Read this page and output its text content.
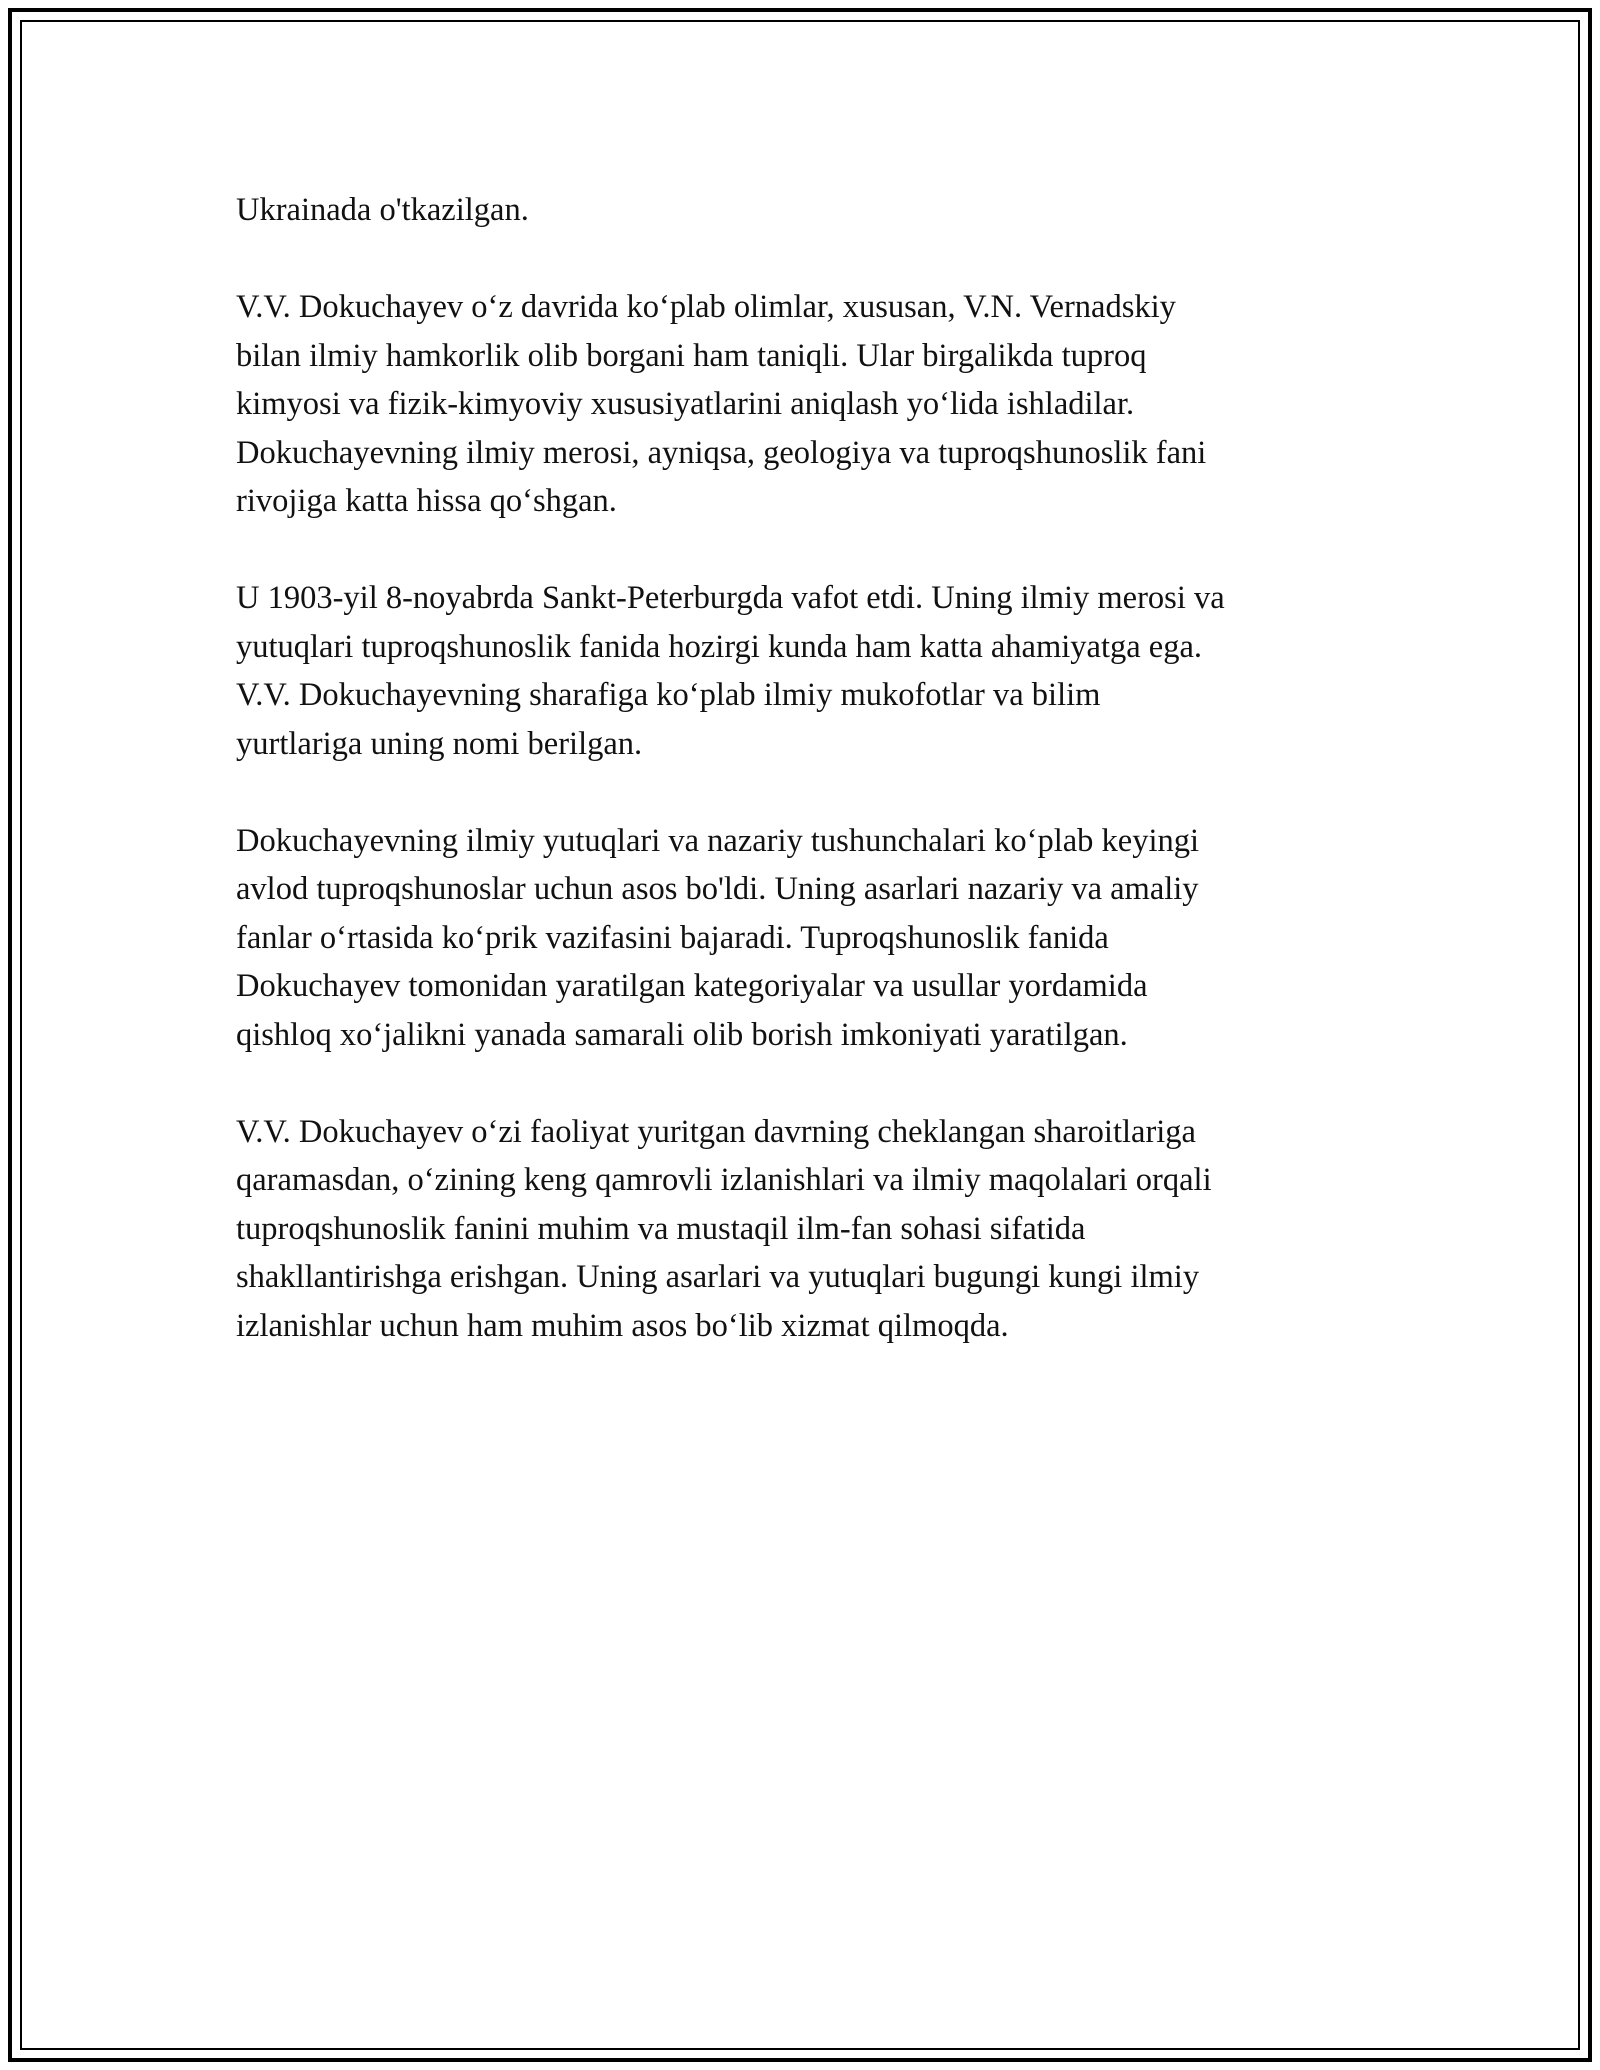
Ukrainada o'tkazilgan.

V.V. Dokuchayev o‘z davrida ko‘plab olimlar, xususan, V.N. Vernadskiy
bilan ilmiy hamkorlik olib borgani ham taniqli. Ular birgalikda tuproq
kimyosi va fizik-kimyoviy xususiyatlarini aniqlash yo‘lida ishladilar.
Dokuchayevning ilmiy merosi, ayniqsa, geologiya va tuproqshunoslik fani
rivojiga katta hissa qo‘shgan.

U 1903-yil 8-noyabrda Sankt-Peterburgda vafot etdi. Uning ilmiy merosi va
yutuqlari tuproqshunoslik fanida hozirgi kunda ham katta ahamiyatga ega.
V.V. Dokuchayevning sharafiga ko‘plab ilmiy mukofotlar va bilim
yurtlariga uning nomi berilgan.

Dokuchayevning ilmiy yutuqlari va nazariy tushunchalari ko‘plab keyingi
avlod tuproqshunoslar uchun asos bo'ldi. Uning asarlari nazariy va amaliy
fanlar o‘rtasida ko‘prik vazifasini bajaradi. Tuproqshunoslik fanida
Dokuchayev tomonidan yaratilgan kategoriyalar va usullar yordamida
qishloq xo‘jalikni yanada samarali olib borish imkoniyati yaratilgan.

V.V. Dokuchayev o‘zi faoliyat yuritgan davrning cheklangan sharoitlariga
qaramasdan, o‘zining keng qamrovli izlanishlari va ilmiy maqolalari orqali
tuproqshunoslik fanini muhim va mustaqil ilm-fan sohasi sifatida
shakllantirishga erishgan. Uning asarlari va yutuqlari bugungi kungi ilmiy
izlanishlar uchun ham muhim asos bo‘lib xizmat qilmoqda.
